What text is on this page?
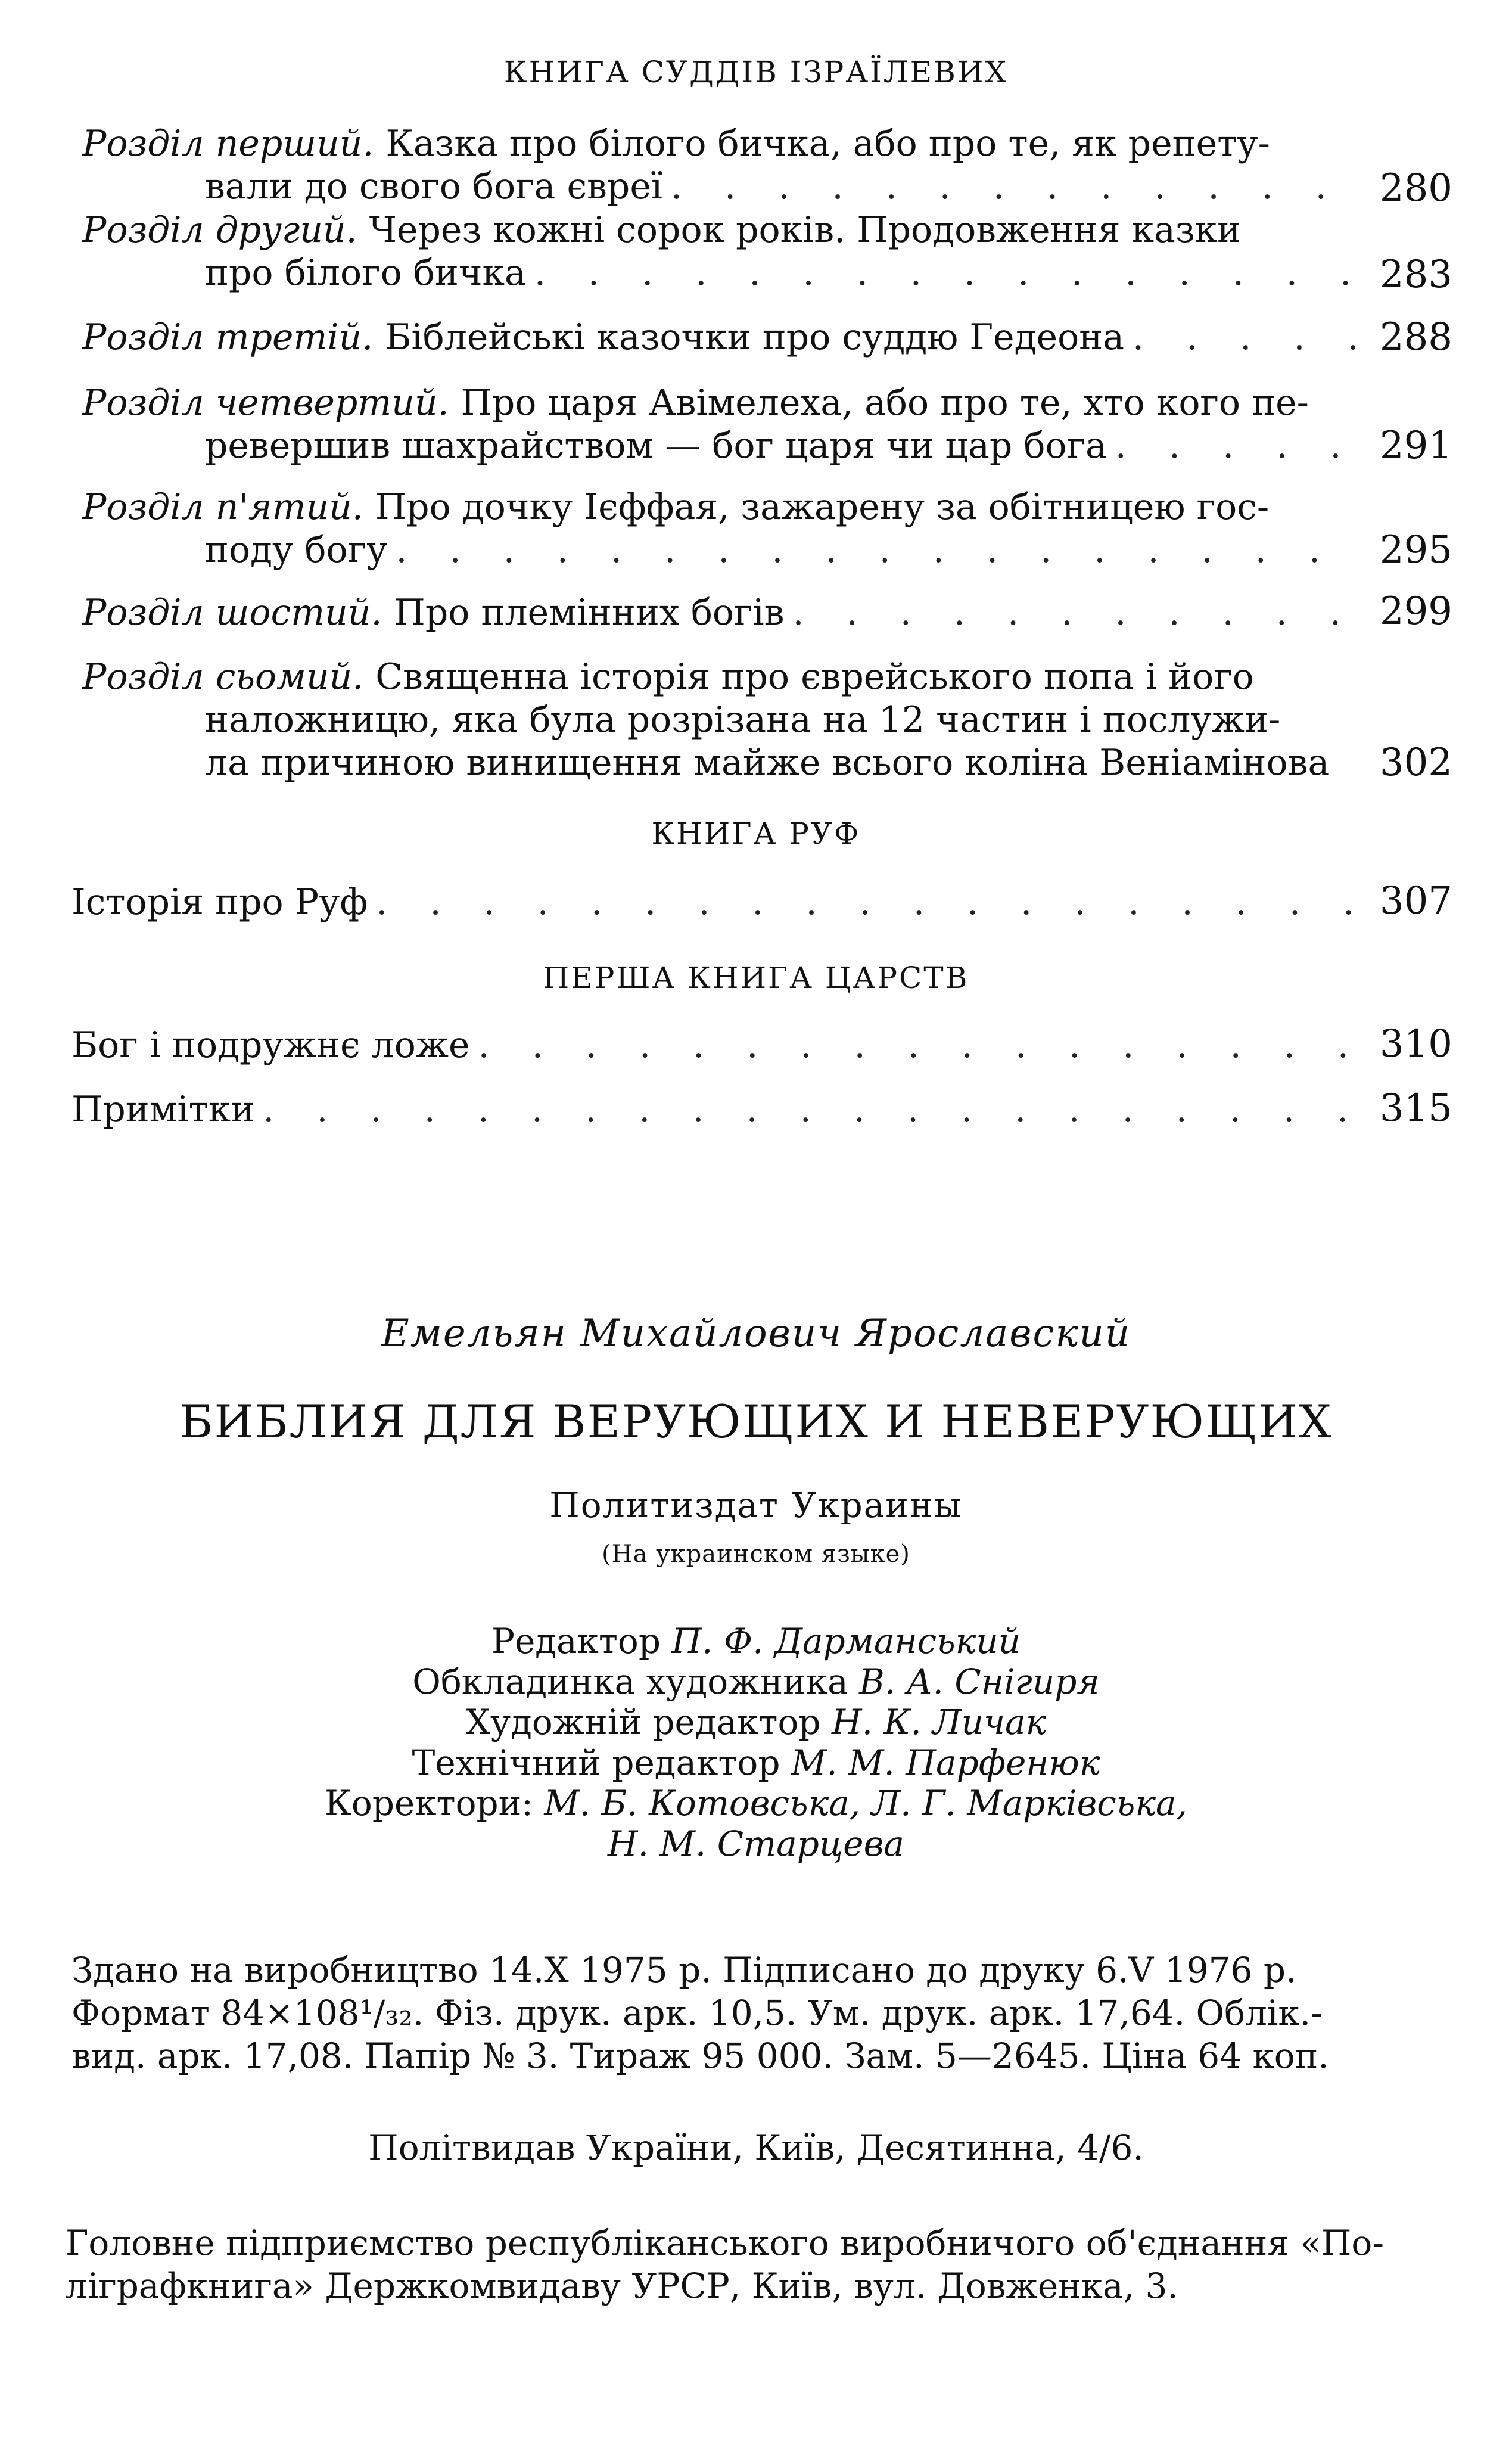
КНИГА СУДДІВ ІЗРАЇЛЕВИХ
Розділ перший. Казка про білого бичка, або про те, як репету-
вали до свого бога євреї . . .	280
Розділ другий. Через кожні сорок років. Продовження казки
про білого бичка . . .	283
Розділ третій. Біблейські казочки про суддю Гедеона . . .	288
Розділ четвертий. Про царя Авімелеха, або про те, хто кого пе-
ревершив шахрайством — бог царя чи цар бога . . .	291
Розділ п'ятий. Про дочку Ієффая, зажарену за обітницею гос-
поду богу . . .	295
Розділ шостий. Про племінних богів . . .	299
Розділ сьомий. Священна історія про єврейського попа і його
наложницю, яка була розрізана на 12 частин і послужи-
ла причиною винищення майже всього коліна Веніамінова	302
КНИГА РУФ
Історія про Руф . . .	307
ПЕРША КНИГА ЦАРСТВ
Бог і подружнє ложе . . .	310
Примітки . . .	315
Емельян Михайлович Ярославский
БИБЛИЯ ДЛЯ ВЕРУЮЩИХ И НЕВЕРУЮЩИХ
Политиздат Украины
(На украинском языке)
Редактор П. Ф. Дарманський
Обкладинка художника В. А. Снігиря
Художній редактор Н. К. Личак
Технічний редактор М. М. Парфенюк
Коректори: М. Б. Котовська, Л. Г. Марківська,
Н. М. Старцева
Здано на виробництво 14.X 1975 р. Підписано до друку 6.V 1976 р.
Формат 84×108¹/₃₂. Фіз. друк. арк. 10,5. Ум. друк. арк. 17,64. Облік.-
вид. арк. 17,08. Папір № 3. Тираж 95 000. Зам. 5—2645. Ціна 64 коп.
Політвидав України, Київ, Десятинна, 4/6.
Головне підприємство республіканського виробничого об'єднання «По-
ліграфкнига» Держкомвидаву УРСР, Київ, вул. Довженка, 3.
